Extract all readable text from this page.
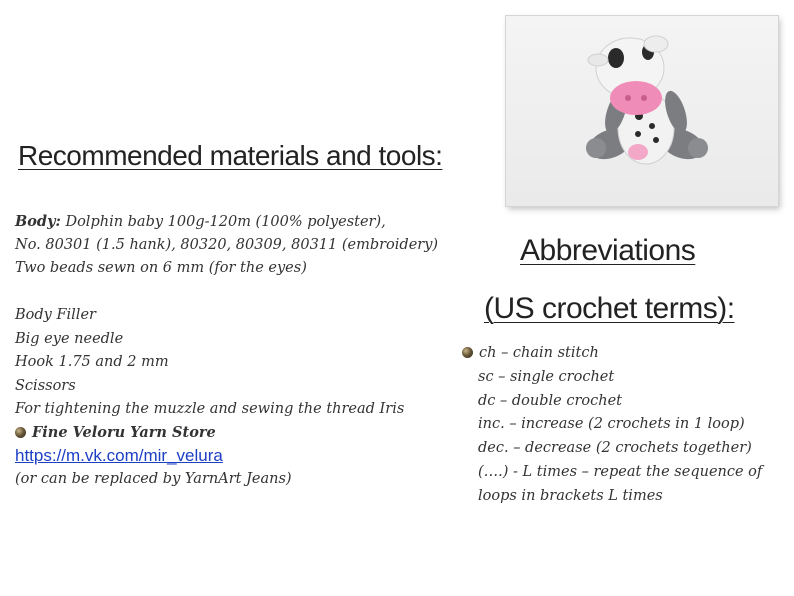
Recommended materials and tools:
Body: Dolphin baby 100g-120m (100% polyester),
No. 80301 (1.5 hank), 80320, 80309, 80311 (embroidery)
Two beads sewn on 6 mm (for the eyes)
Body Filler
Big eye needle
Hook 1.75 and 2 mm
Scissors
For tightening the muzzle and sewing the thread Iris
Fine Veloru Yarn Store
https://m.vk.com/mir_velura
(or can be replaced by YarnArt Jeans)
Abbreviations
(US crochet terms):
ch – chain stitch
sc – single crochet
dc – double crochet
inc. – increase (2 crochets in 1 loop)
dec. – decrease (2 crochets together)
(….) - L times – repeat the sequence of
loops in brackets L times
